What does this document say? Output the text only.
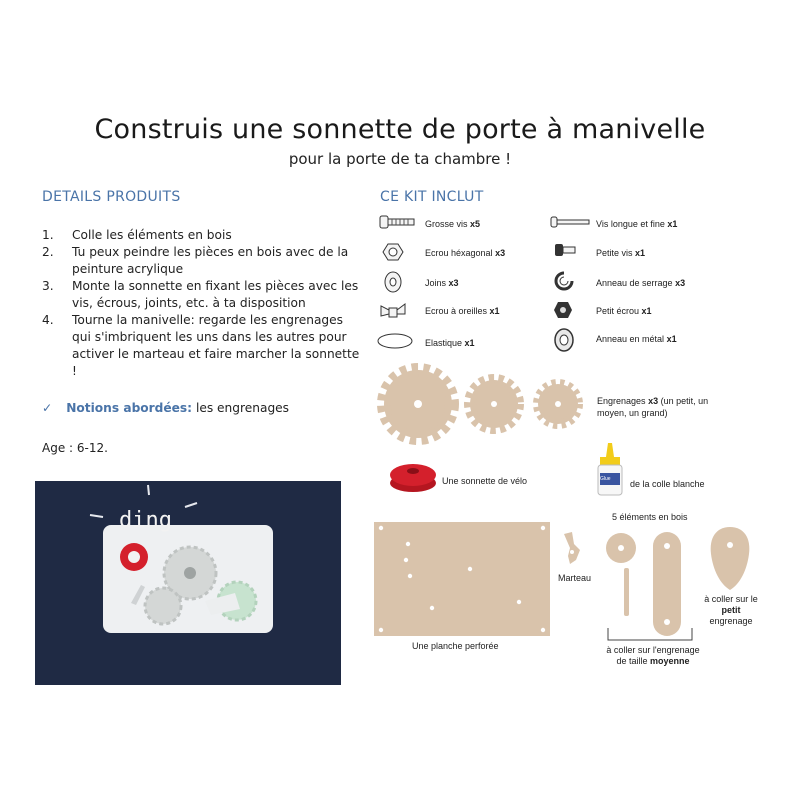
Construis une sonnette de porte à manivelle
pour la porte de ta chambre !
DETAILS PRODUITS
1.	Colle les éléments en bois
2.	Tu peux peindre les pièces en bois avec de la peinture acrylique
3.	Monte la sonnette en fixant les pièces avec les vis, écrous, joints, etc. à ta disposition
4.	Tourne la manivelle: regarde les engrenages qui s'imbriquent les uns dans les autres pour activer le marteau et faire marcher la sonnette !
✓ Notions abordées: les engrenages
Age : 6-12.
ding
CE KIT INCLUT
Grosse vis x5
Ecrou héxagonal x3
Joins x3
Ecrou à oreilles x1
Elastique x1
Vis longue et fine x1
Petite vis x1
Anneau de serrage x3
Petit écrou x1
Anneau en métal x1
Engrenages x3 (un petit, un moyen, un grand)
Une sonnette de vélo	Glue de la colle blanche
5 éléments en bois
Une planche perforée
Marteau
à coller sur l'engrenage
de taille moyenne
à coller sur le
petit
engrenage
